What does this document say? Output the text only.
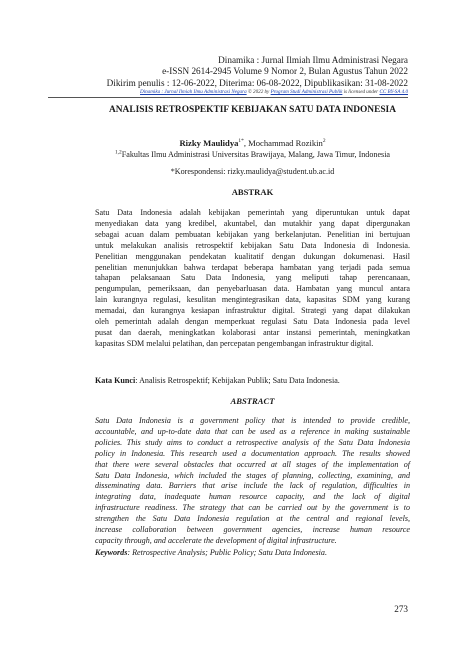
Dinamika : Jurnal Ilmiah Ilmu Administrasi Negara
e-ISSN 2614-2945 Volume 9 Nomor 2, Bulan Agustus Tahun 2022
Dikirim penulis : 12-06-2022, Diterima: 06-08-2022, Dipublikasikan: 31-08-2022
Dinamika : Jurnal Ilmiah Ilmu Administrasi Negara © 2022 by Program Studi Administrasi Publik is licensed under CC BY-SA 4.0
ANALISIS RETROSPEKTIF KEBIJAKAN SATU DATA INDONESIA
Rizky Maulidya$^{1*}$, Mochammad Rozikin$^2$
$^{1,2}$Fakultas Ilmu Administrasi Universitas Brawijaya, Malang, Jawa Timur, Indonesia
*Korespondensi: rizky.maulidya@student.ub.ac.id
ABSTRAK
Satu Data Indonesia adalah kebijakan pemerintah yang diperuntukan untuk dapat
menyediakan data yang kredibel, akuntabel, dan mutakhir yang dapat dipergunakan
sebagai acuan dalam pembuatan kebijakan yang berkelanjutan. Penelitian ini bertujuan
untuk melakukan analisis retrospektif kebijakan Satu Data Indonesia di Indonesia.
Penelitian menggunakan pendekatan kualitatif dengan dukungan dokumenasi. Hasil
penelitian menunjukkan bahwa terdapat beberapa hambatan yang terjadi pada semua
tahapan pelaksanaan Satu Data Indonesia, yang meliputi tahap perencanaan,
pengumpulan, pemeriksaan, dan penyebarluasan data. Hambatan yang muncul antara
lain kurangnya regulasi, kesulitan mengintegrasikan data, kapasitas SDM yang kurang
memadai, dan kurangnya kesiapan infrastruktur digital. Strategi yang dapat dilakukan
oleh pemerintah adalah dengan memperkuat regulasi Satu Data Indonesia pada level
pusat dan daerah, meningkatkan kolaborasi antar instansi pemerintah, meningkatkan
kapasitas SDM melalui pelatihan, dan percepatan pengembangan infrastruktur digital.
Kata Kunci: Analisis Retrospektif; Kebijakan Publik; Satu Data Indonesia.
ABSTRACT
Satu Data Indonesia is a government policy that is intended to provide credible,
accountable, and up-to-date data that can be used as a reference in making sustainable
policies. This study aims to conduct a retrospective analysis of the Satu Data Indonesia
policy in Indonesia. This research used a documentation approach. The results showed
that there were several obstacles that occurred at all stages of the implementation of
Satu Data Indonesia, which included the stages of planning, collecting, examining, and
disseminating data. Barriers that arise include the lack of regulation, difficulties in
integrating data, inadequate human resource capacity, and the lack of digital
infrastructure readiness. The strategy that can be carried out by the government is to
strengthen the Satu Data Indonesia regulation at the central and regional levels,
increase collaboration between government agencies, increase human resource
capacity through, and accelerate the development of digital infrastructure.
Keywords: Retrospective Analysis; Public Policy; Satu Data Indonesia.
273
